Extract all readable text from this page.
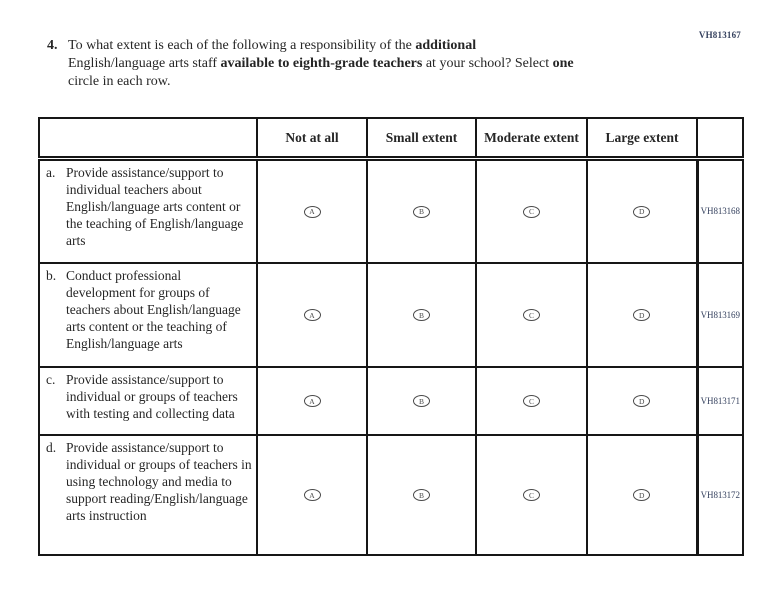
VH813167
4. To what extent is each of the following a responsibility of the additional
English/language arts staff available to eighth-grade teachers at your school? Select one
circle in each row.
	Not at all	Small extent	Moderate extent	Large extent	

a. Provide assistance/support to individual teachers about English/language arts content or the teaching of English/language arts	A	B	C	D	VH813168

b. Conduct professional development for groups of teachers about English/language arts content or the teaching of English/language arts	A	B	C	D	VH813169

c. Provide assistance/support to individual or groups of teachers with testing and collecting data	A	B	C	D	VH813171

d. Provide assistance/support to individual or groups of teachers in using technology and media to support reading/English/language arts instruction	A	B	C	D	VH813172
